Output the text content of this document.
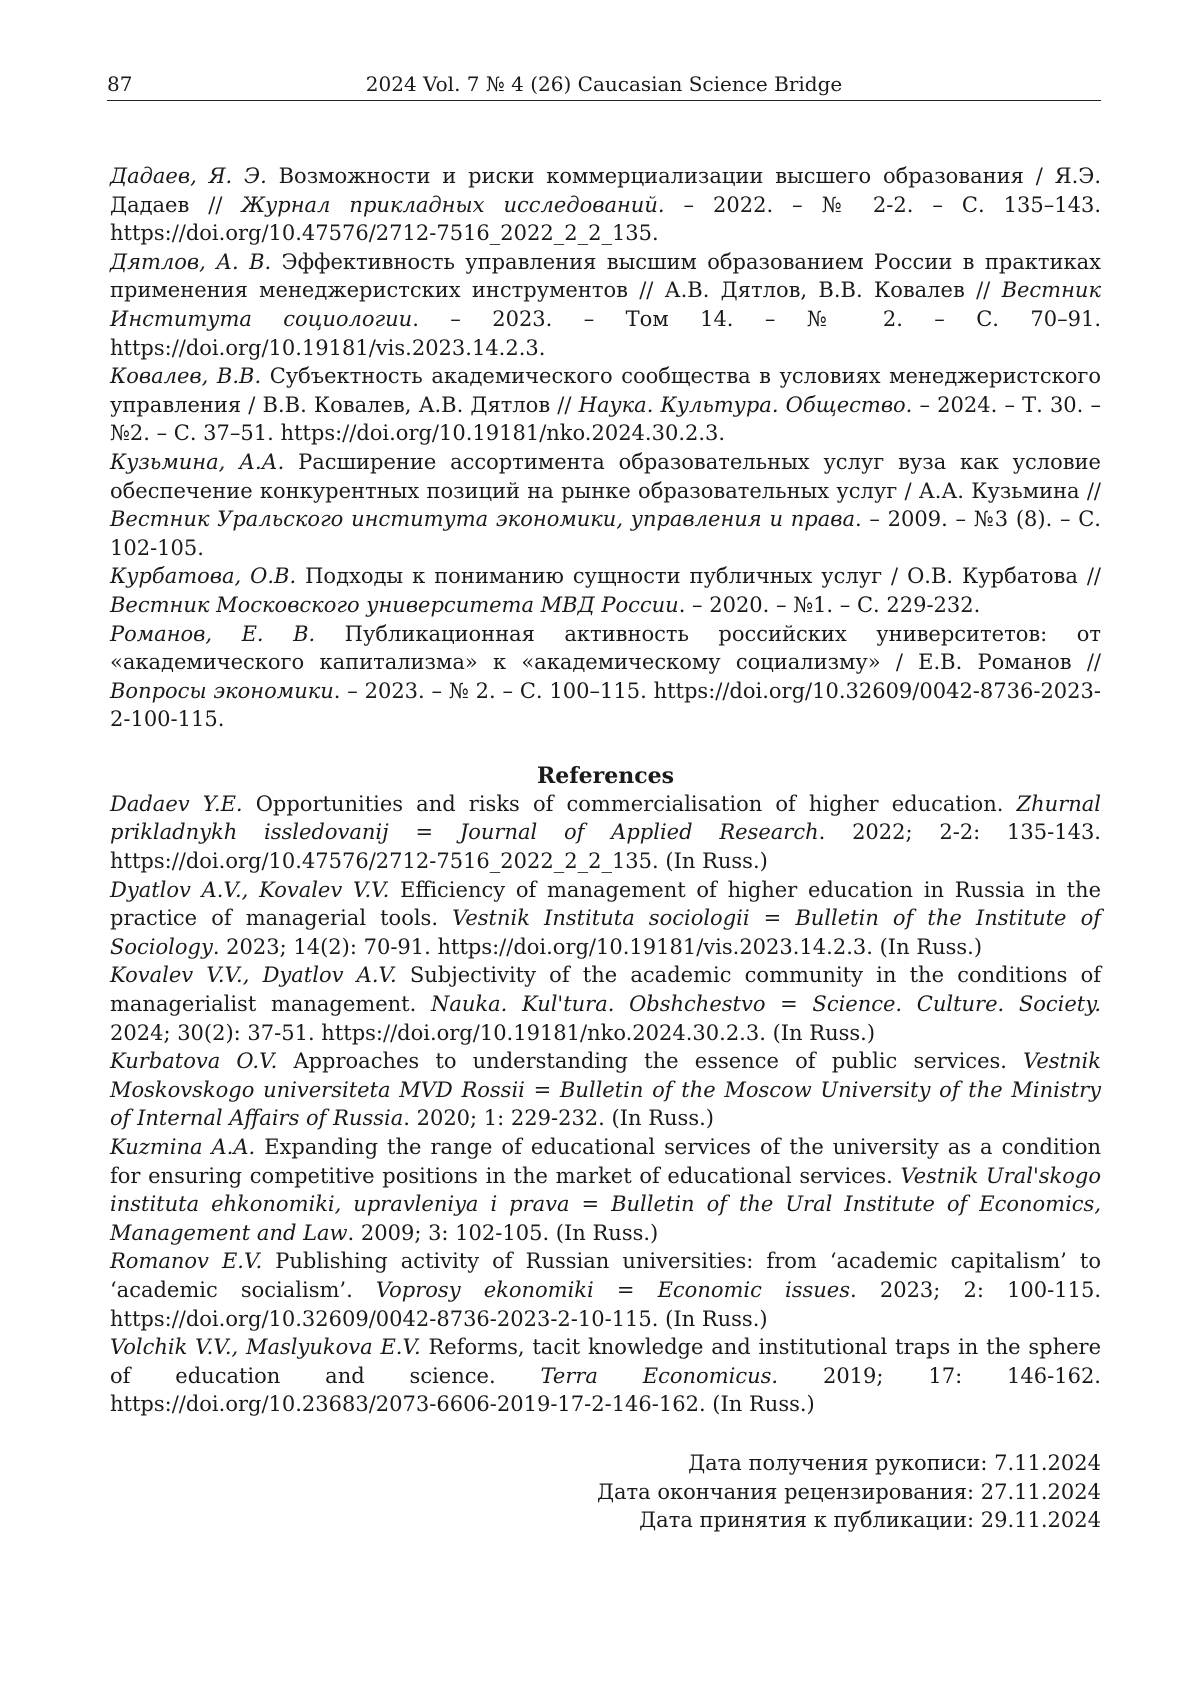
87	2024 Vol. 7 № 4 (26) Caucasian Science Bridge

Дадаев, Я. Э. Возможности и риски коммерциализации высшего образования / Я.Э. Дадаев // Журнал прикладных исследований. – 2022. – № 2-2. – С. 135–143. https://doi.org/10.47576/2712-7516_2022_2_2_135.

Дятлов, А. В. Эффективность управления высшим образованием России в практиках применения менеджеристских инструментов // А.В. Дятлов, В.В. Ковалев // Вестник Института социологии. – 2023. – Том 14. – № 2. – С. 70–91. https://doi.org/10.19181/vis.2023.14.2.3.

Ковалев, В.В. Субъектность академического сообщества в условиях менеджеристского управления / В.В. Ковалев, А.В. Дятлов // Наука. Культура. Общество. – 2024. – Т. 30. – №2. – С. 37–51. https://doi.org/10.19181/nko.2024.30.2.3.

Кузьмина, А.А. Расширение ассортимента образовательных услуг вуза как условие обеспечение конкурентных позиций на рынке образовательных услуг / А.А. Кузьмина // Вестник Уральского института экономики, управления и права. – 2009. – №3 (8). – С. 102-105.

Курбатова, О.В. Подходы к пониманию сущности публичных услуг / О.В. Курбатова // Вестник Московского университета МВД России. – 2020. – №1. – С. 229-232.

Романов, Е. В. Публикационная активность российских университетов: от «академического капитализма» к «академическому социализму» / Е.В. Романов // Вопросы экономики. – 2023. – № 2. – С. 100–115. https://doi.org/10.32609/0042-8736-2023-2-100-115.

References

Dadaev Y.E. Opportunities and risks of commercialisation of higher education. Zhurnal prikladnykh issledovanij = Journal of Applied Research. 2022; 2-2: 135-143. https://doi.org/10.47576/2712-7516_2022_2_2_135. (In Russ.)

Dyatlov A.V., Kovalev V.V. Efficiency of management of higher education in Russia in the practice of managerial tools. Vestnik Instituta sociologii = Bulletin of the Institute of Sociology. 2023; 14(2): 70-91. https://doi.org/10.19181/vis.2023.14.2.3. (In Russ.)

Kovalev V.V., Dyatlov A.V. Subjectivity of the academic community in the conditions of managerialist management. Nauka. Kul'tura. Obshchestvo = Science. Culture. Society. 2024; 30(2): 37-51. https://doi.org/10.19181/nko.2024.30.2.3. (In Russ.)

Kurbatova O.V. Approaches to understanding the essence of public services. Vestnik Moskovskogo universiteta MVD Rossii = Bulletin of the Moscow University of the Ministry of Internal Affairs of Russia. 2020; 1: 229-232. (In Russ.)

Kuzmina A.A. Expanding the range of educational services of the university as a condition for ensuring competitive positions in the market of educational services. Vestnik Ural'skogo instituta ehkonomiki, upravleniya i prava = Bulletin of the Ural Institute of Economics, Management and Law. 2009; 3: 102-105. (In Russ.)

Romanov E.V. Publishing activity of Russian universities: from ‘academic capitalism’ to ‘academic socialism’. Voprosy ekonomiki = Economic issues. 2023; 2: 100-115. https://doi.org/10.32609/0042-8736-2023-2-10-115. (In Russ.)

Volchik V.V., Maslyukova E.V. Reforms, tacit knowledge and institutional traps in the sphere of education and science. Terra Economicus. 2019; 17: 146-162. https://doi.org/10.23683/2073-6606-2019-17-2-146-162. (In Russ.)

Дата получения рукописи: 7.11.2024
Дата окончания рецензирования: 27.11.2024
Дата принятия к публикации: 29.11.2024
